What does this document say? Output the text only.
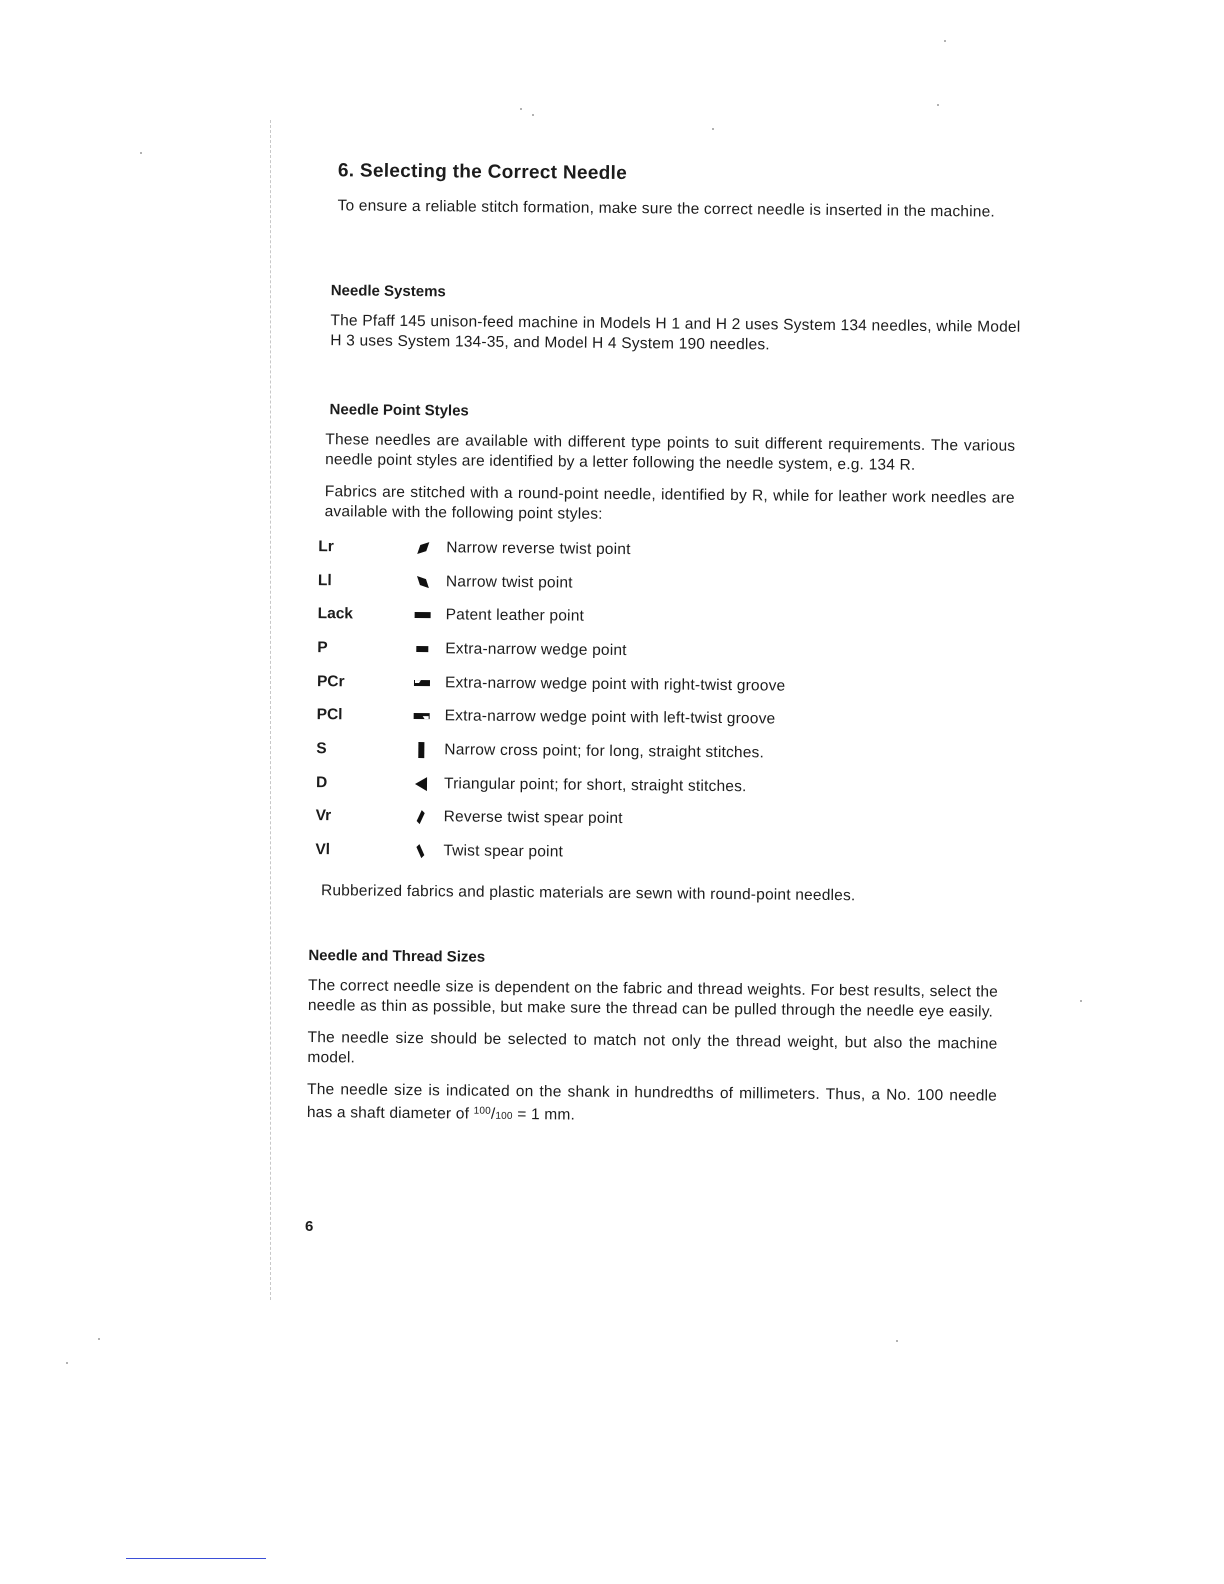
6. Selecting the Correct Needle

To ensure a reliable stitch formation, make sure the correct needle is inserted in the machine.

Needle Systems

The Pfaff 145 unison-feed machine in Models H 1 and H 2 uses System 134 needles, while Model H 3 uses System 134-35, and Model H 4 System 190 needles.

Needle Point Styles

These needles are available with different type points to suit different requirements. The various needle point styles are identified by a letter following the needle system, e.g. 134 R.

Fabrics are stitched with a round-point needle, identified by R, while for leather work needles are available with the following point styles:

Lr	Narrow reverse twist point
Ll	Narrow twist point
Lack	Patent leather point
P	Extra-narrow wedge point
PCr	Extra-narrow wedge point with right-twist groove
PCl	Extra-narrow wedge point with left-twist groove
S	Narrow cross point; for long, straight stitches.
D	Triangular point; for short, straight stitches.
Vr	Reverse twist spear point
Vl	Twist spear point

Rubberized fabrics and plastic materials are sewn with round-point needles.

Needle and Thread Sizes

The correct needle size is dependent on the fabric and thread weights. For best results, select the needle as thin as possible, but make sure the thread can be pulled through the needle eye easily.

The needle size should be selected to match not only the thread weight, but also the machine model.

The needle size is indicated on the shank in hundredths of millimeters. Thus, a No. 100 needle has a shaft diameter of $^{100}$/100 = 1 mm.

6
